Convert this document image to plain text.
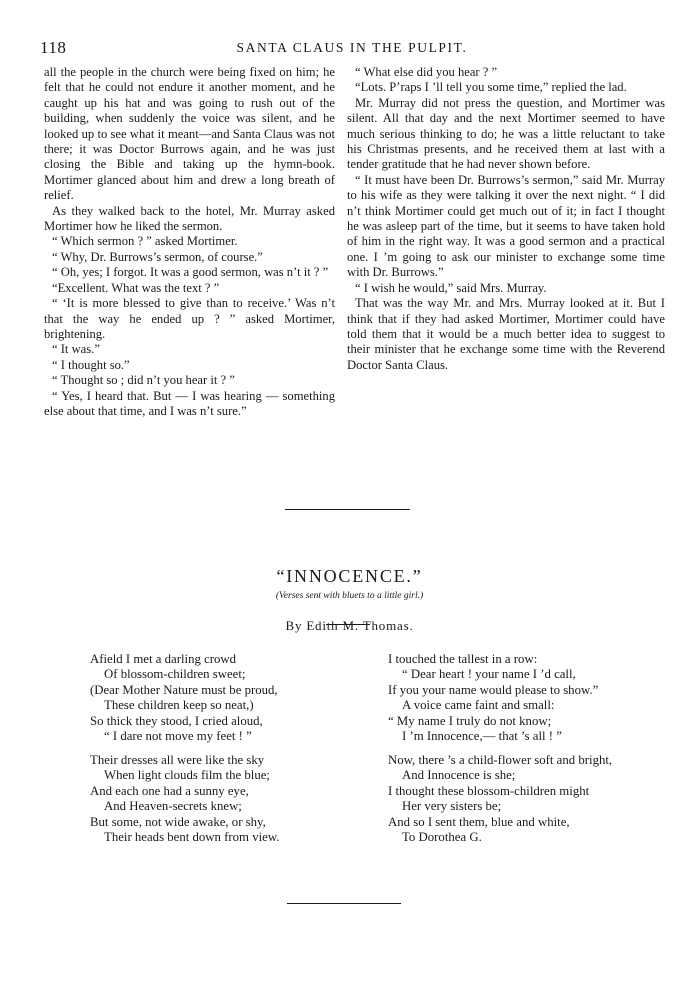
118	SANTA CLAUS IN THE PULPIT.

all the people in the church were being fixed on him; he felt that he could not endure it another moment, and he caught up his hat and was going to rush out of the building, when suddenly the voice was silent, and he looked up to see what it meant—and Santa Claus was not there; it was Doctor Burrows again, and he was just closing the Bible and taking up the hymn-book. Mortimer glanced about him and drew a long breath of relief.

As they walked back to the hotel, Mr. Murray asked Mortimer how he liked the sermon.

“ Which sermon ? ” asked Mortimer.

“ Why, Dr. Burrows’s sermon, of course.”

“ Oh, yes; I forgot. It was a good sermon, was n’t it ? ”

“Excellent. What was the text ? ”

“ ‘It is more blessed to give than to receive.’ Was n’t that the way he ended up ? ” asked Mortimer, brightening.

“ It was.”

“ I thought so.”

“ Thought so ; did n’t you hear it ? ”

“ Yes, I heard that. But — I was hearing — something else about that time, and I was n’t sure.”

“ What else did you hear ? ”

“Lots. P’raps I ’ll tell you some time,” replied the lad.

Mr. Murray did not press the question, and Mortimer was silent. All that day and the next Mortimer seemed to have much serious thinking to do; he was a little reluctant to take his Christmas presents, and he received them at last with a tender gratitude that he had never shown before.

“ It must have been Dr. Burrows’s sermon,” said Mr. Murray to his wife as they were talking it over the next night. “ I did n’t think Mortimer could get much out of it; in fact I thought he was asleep part of the time, but it seems to have taken hold of him in the right way. It was a good sermon and a practical one. I ’m going to ask our minister to exchange some time with Dr. Burrows.”

“ I wish he would,” said Mrs. Murray.

That was the way Mr. and Mrs. Murray looked at it. But I think that if they had asked Mortimer, Mortimer could have told them that it would be a much better idea to suggest to their minister that he exchange some time with the Reverend Doctor Santa Claus.

“INNOCENCE.”
(Verses sent with bluets to a little girl.)
By Edith M. Thomas.
Afield I met a darling crowd
Of blossom-children sweet;
(Dear Mother Nature must be proud,
These children keep so neat,)
So thick they stood, I cried aloud,
“ I dare not move my feet ! ”
Their dresses all were like the sky
When light clouds film the blue;
And each one had a sunny eye,
And Heaven-secrets knew;
But some, not wide awake, or shy,
Their heads bent down from view.
I touched the tallest in a row:
“ Dear heart ! your name I ’d call,
If you your name would please to show.”
A voice came faint and small:
“ My name I truly do not know;
I ’m Innocence,— that ’s all ! ”
Now, there ’s a child-flower soft and bright,
And Innocence is she;
I thought these blossom-children might
Her very sisters be;
And so I sent them, blue and white,
To Dorothea G.
